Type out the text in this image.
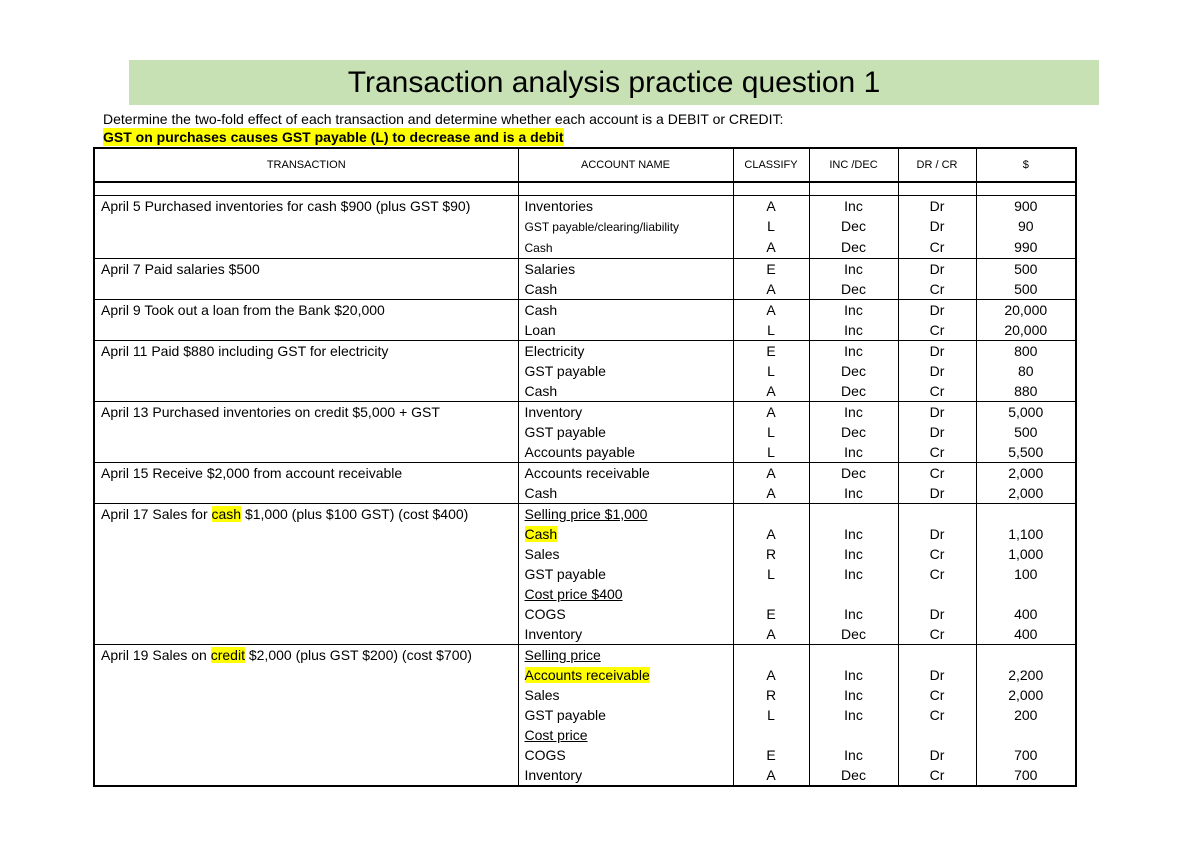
Transaction analysis practice question 1
Determine the two-fold effect of each transaction and determine whether each account is a DEBIT or CREDIT:
GST on purchases causes GST payable (L) to decrease and is a debit
TRANSACTION	ACCOUNT NAME	CLASSIFY	INC /DEC	DR / CR	$

April 5 Purchased inventories for cash $900 (plus GST $90)	Inventories	A	Inc	Dr	900
	GST payable/clearing/liability	L	Dec	Dr	90
	Cash	A	Dec	Cr	990
April 7 Paid salaries $500	Salaries	E	Inc	Dr	500
	Cash	A	Dec	Cr	500
April 9 Took out a loan from the Bank $20,000	Cash	A	Inc	Dr	20,000
	Loan	L	Inc	Cr	20,000
April 11 Paid $880 including GST for electricity	Electricity	E	Inc	Dr	800
	GST payable	L	Dec	Dr	80
	Cash	A	Dec	Cr	880
April 13 Purchased inventories on credit $5,000 + GST	Inventory	A	Inc	Dr	5,000
	GST payable	L	Dec	Dr	500
	Accounts payable	L	Inc	Cr	5,500
April 15 Receive $2,000 from account receivable	Accounts receivable	A	Dec	Cr	2,000
	Cash	A	Inc	Dr	2,000
April 17 Sales for cash $1,000 (plus $100 GST) (cost $400)	Selling price $1,000				
	Cash	A	Inc	Dr	1,100
	Sales	R	Inc	Cr	1,000
	GST payable	L	Inc	Cr	100
	Cost price $400				
	COGS	E	Inc	Dr	400
	Inventory	A	Dec	Cr	400
April 19 Sales on credit $2,000 (plus GST $200) (cost $700)	Selling price				
	Accounts receivable	A	Inc	Dr	2,200
	Sales	R	Inc	Cr	2,000
	GST payable	L	Inc	Cr	200
	Cost price				
	COGS	E	Inc	Dr	700
	Inventory	A	Dec	Cr	700
